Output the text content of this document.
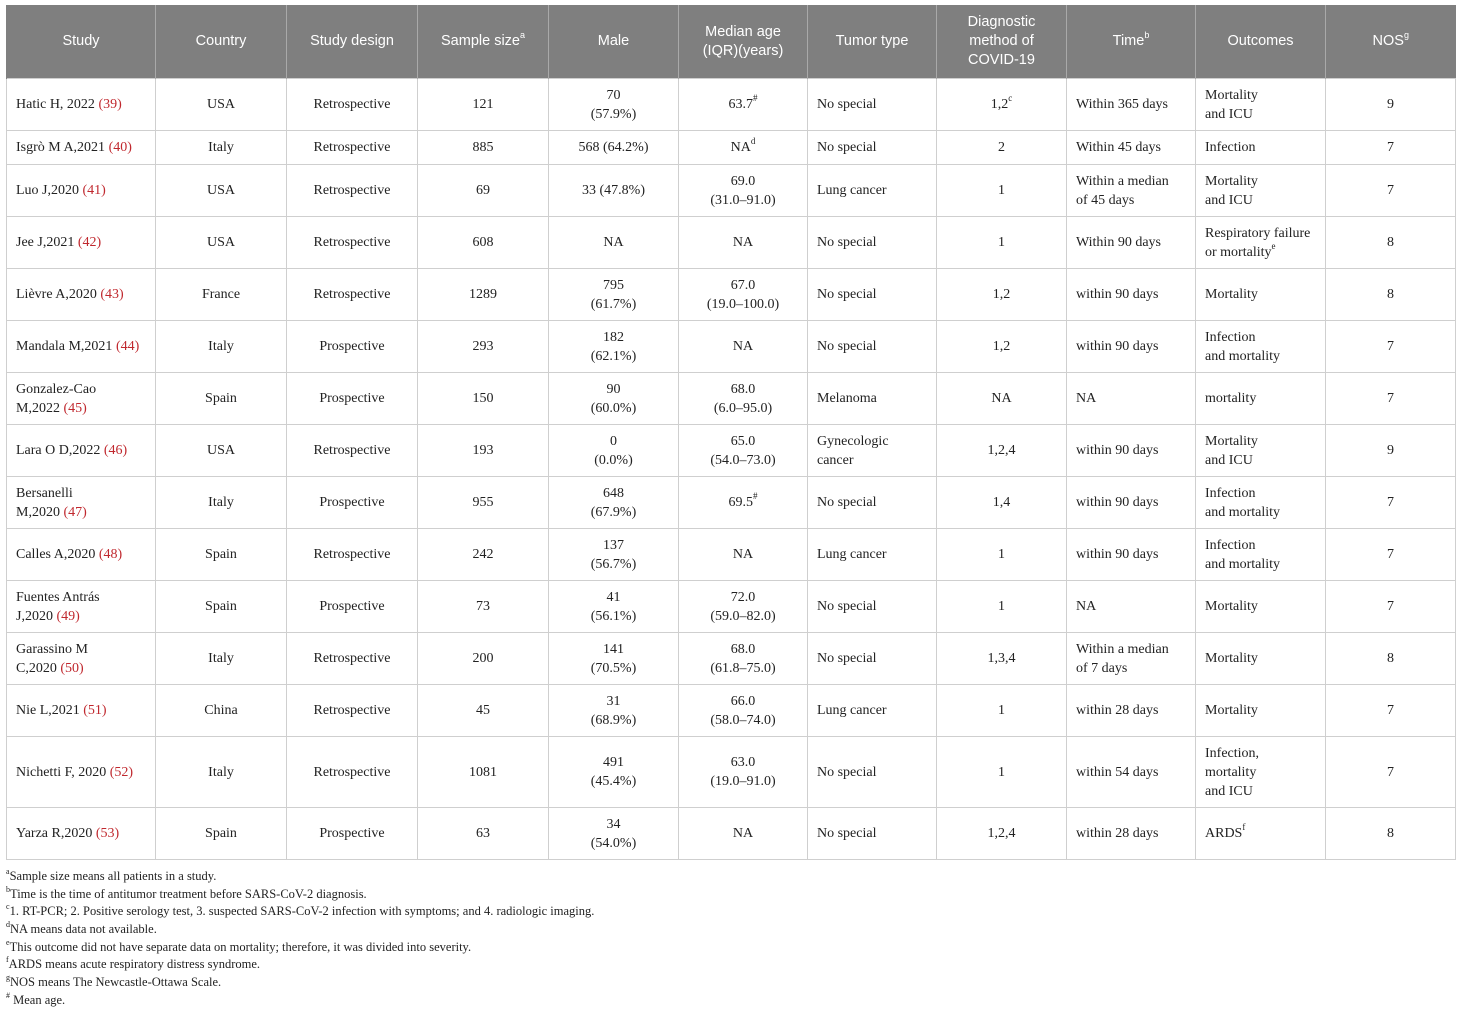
Study	Country	Study design	Sample size$^a$	Male	Median age
(IQR)(years)	Tumor type	Diagnostic
method of
COVID-19	Time$^b$	Outcomes	NOS$^g$

Hatic H, 2022 (39)	USA	Retrospective	121	70
(57.9%)	63.7#	No special	1,2$^c$	Within 365 days	Mortality
and ICU	9

Isgrò M A,2021 (40)	Italy	Retrospective	885	568 (64.2%)	$NA^d$	No special	2	Within 45 days	Infection	7

Luo J,2020 (41)	USA	Retrospective	69	33 (47.8%)	69.0
(31.0–91.0)	Lung cancer	1	Within a median
of 45 days	Mortality
and ICU	7

Jee J,2021 (42)	USA	Retrospective	608	NA	NA	No special	1	Within 90 days	Respiratory failure
or mortality$^e$	8

Lièvre A,2020 (43)	France	Retrospective	1289	795
(61.7%)	67.0
(19.0–100.0)	No special	1,2	within 90 days	Mortality	8

Mandala M,2021 (44)	Italy	Prospective	293	182
(62.1%)	NA	No special	1,2	within 90 days	Infection
and mortality	7

Gonzalez-Cao
M,2022 (45)	Spain	Prospective	150	90
(60.0%)	68.0
(6.0–95.0)	Melanoma	NA	NA	mortality	7

Lara O D,2022 (46)	USA	Retrospective	193	0
(0.0%)	65.0
(54.0–73.0)	Gynecologic
cancer	1,2,4	within 90 days	Mortality
and ICU	9

Bersanelli
M,2020 (47)	Italy	Prospective	955	648
(67.9%)	69.5#	No special	1,4	within 90 days	Infection
and mortality	7

Calles A,2020 (48)	Spain	Retrospective	242	137
(56.7%)	NA	Lung cancer	1	within 90 days	Infection
and mortality	7

Fuentes Antrás
J,2020 (49)	Spain	Prospective	73	41
(56.1%)	72.0
(59.0–82.0)	No special	1	NA	Mortality	7

Garassino M
C,2020 (50)	Italy	Retrospective	200	141
(70.5%)	68.0
(61.8–75.0)	No special	1,3,4	Within a median
of 7 days	Mortality	8

Nie L,2021 (51)	China	Retrospective	45	31
(68.9%)	66.0
(58.0–74.0)	Lung cancer	1	within 28 days	Mortality	7

Nichetti F, 2020 (52)	Italy	Retrospective	1081	491
(45.4%)	63.0
(19.0–91.0)	No special	1	within 54 days	Infection,
mortality
and ICU	7

Yarza R,2020 (53)	Spain	Prospective	63	34
(54.0%)	NA	No special	1,2,4	within 28 days	ARDS$^f$	8
$^a$Sample size means all patients in a study.
$^b$Time is the time of antitumor treatment before SARS-CoV-2 diagnosis.
$^c$1. RT-PCR; 2. Positive serology test, 3. suspected SARS-CoV-2 infection with symptoms; and 4. radiologic imaging.
$^d$NA means data not available.
$^e$This outcome did not have separate data on mortality; therefore, it was divided into severity.
$^f$ARDS means acute respiratory distress syndrome.
$^g$NOS means The Newcastle-Ottawa Scale.
# Mean age.
